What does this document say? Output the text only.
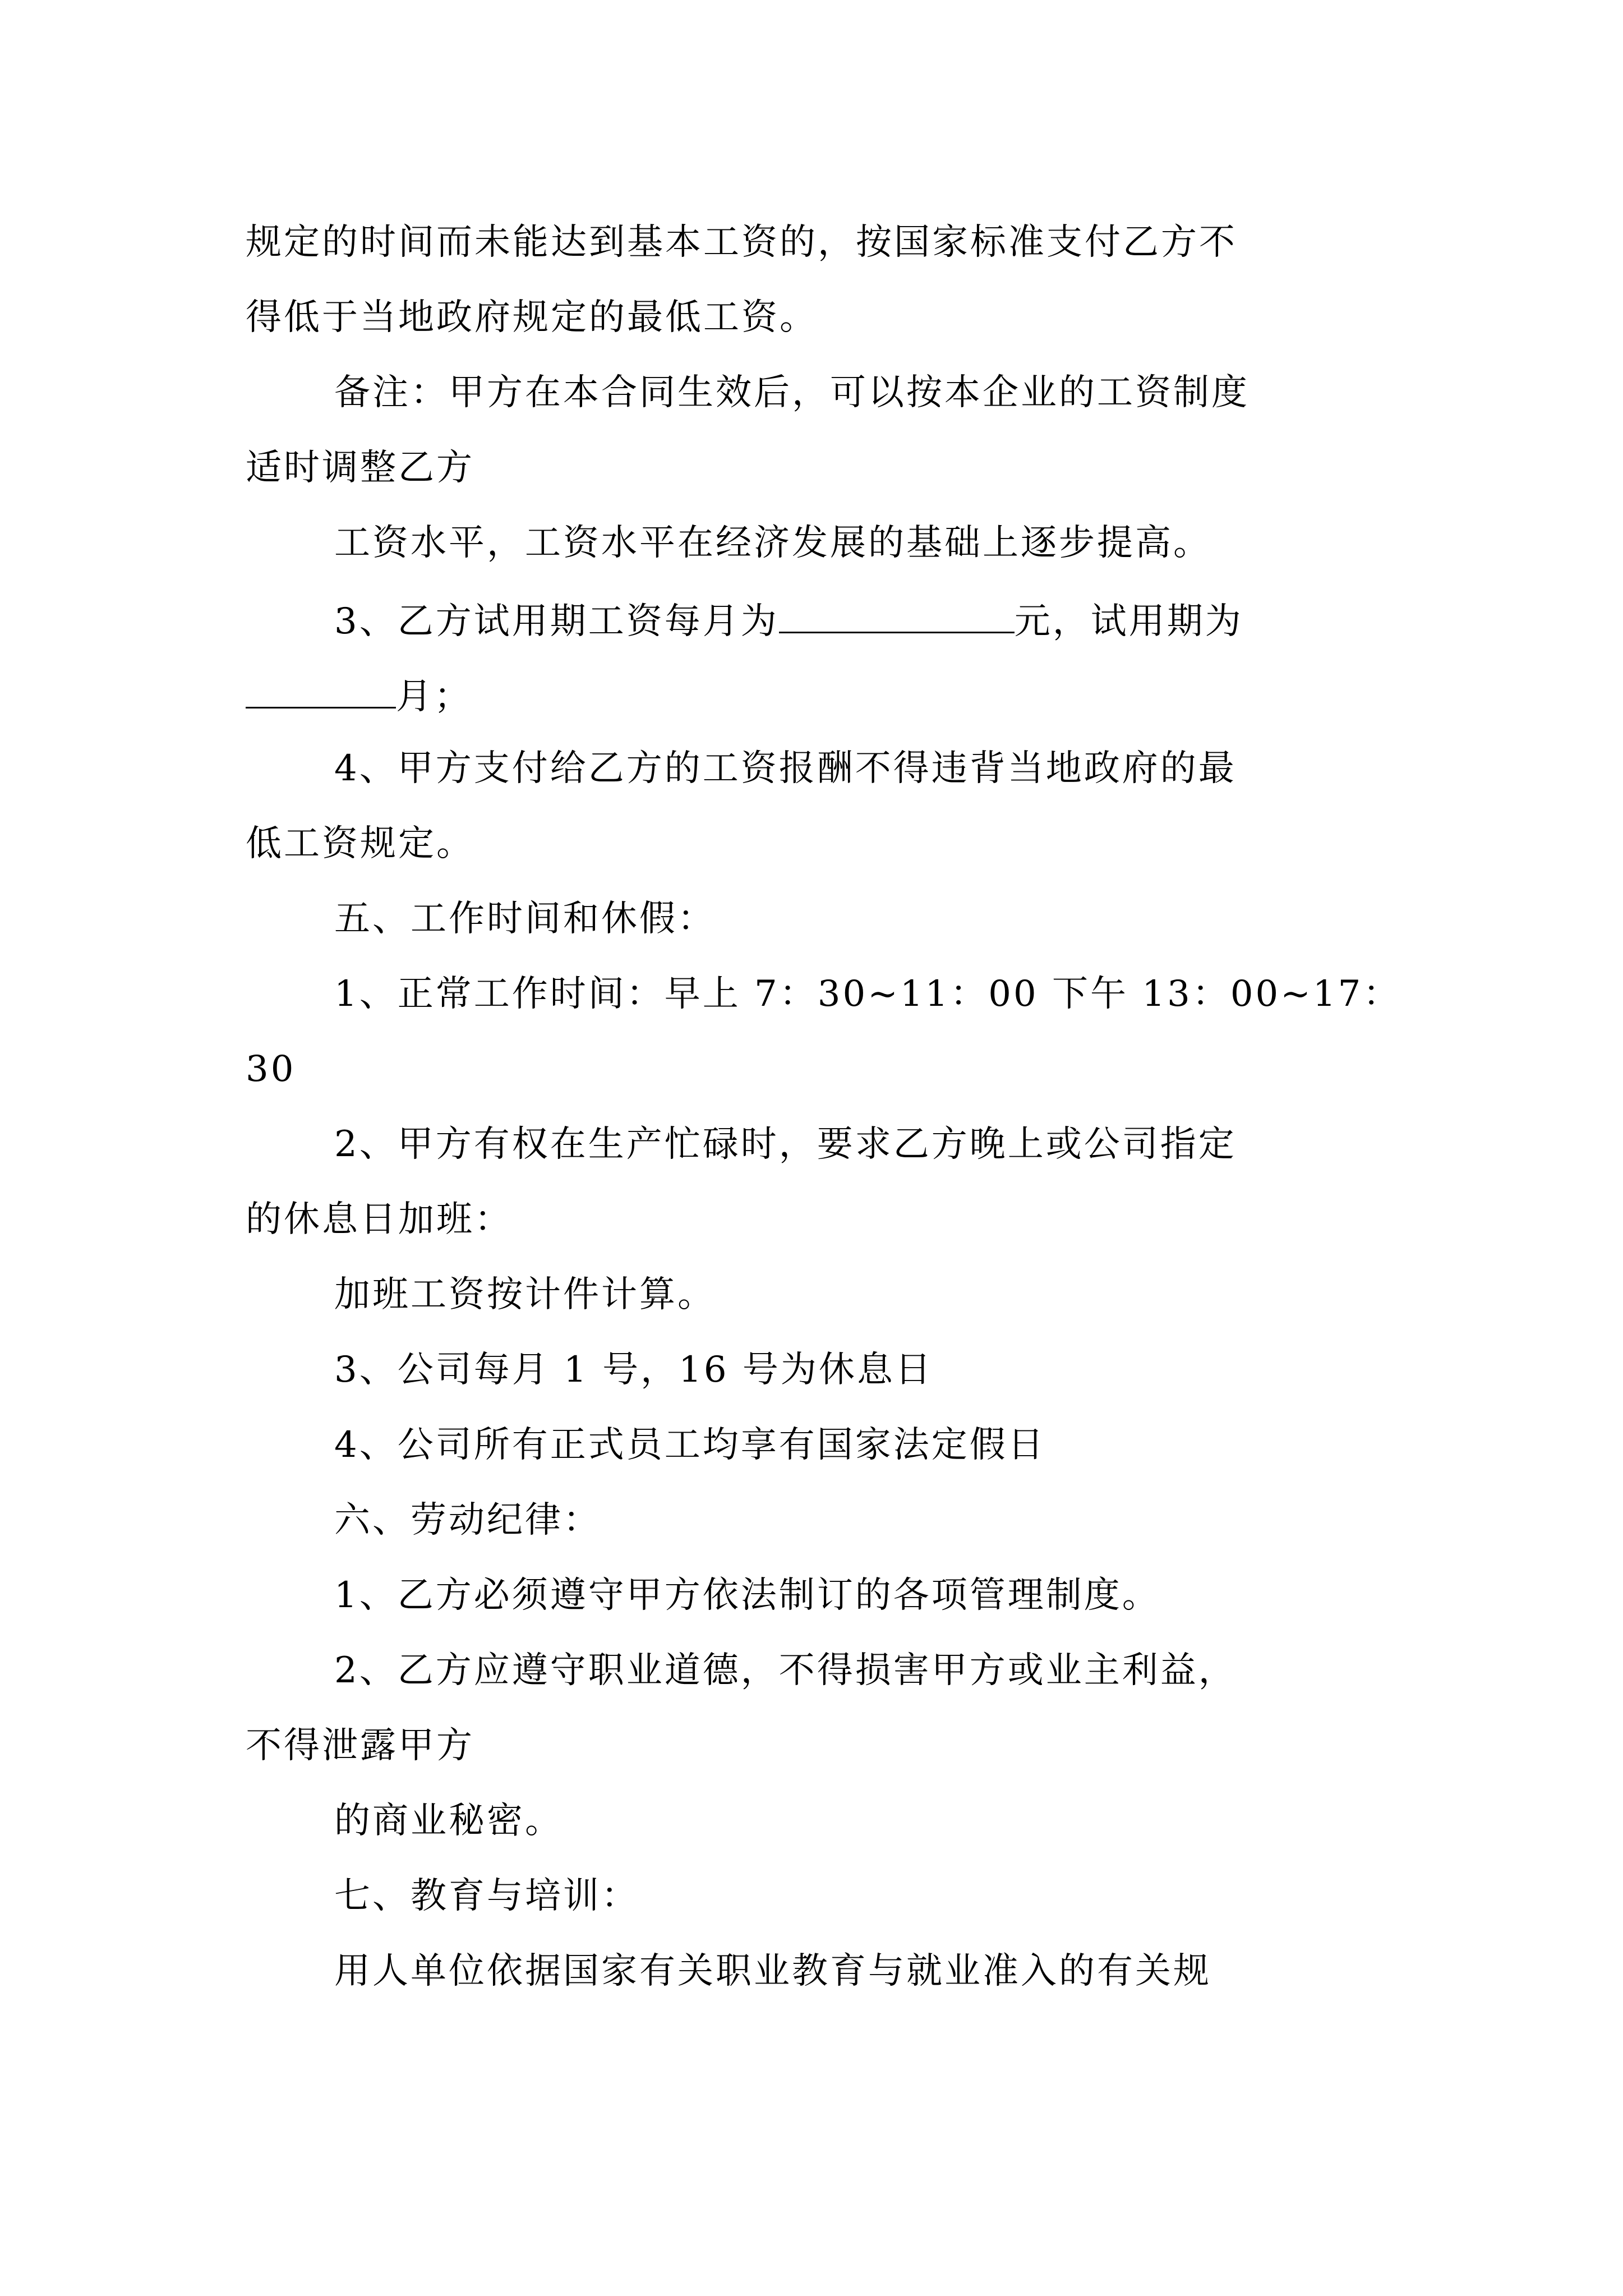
规定的时间而未能达到基本工资的，按国家标准支付乙方不

得低于当地政府规定的最低工资。

备注：甲方在本合同生效后，可以按本企业的工资制度

适时调整乙方

工资水平，工资水平在经济发展的基础上逐步提高。

3、乙方试用期工资每月为	元，试用期为

月；

4、甲方支付给乙方的工资报酬不得违背当地政府的最

低工资规定。

五、工作时间和休假：

1、正常工作时间：早上 7：30~11：00 下午 13：00~17：

30

2、甲方有权在生产忙碌时，要求乙方晚上或公司指定

的休息日加班：

加班工资按计件计算。

3、公司每月 1 号，16 号为休息日

4、公司所有正式员工均享有国家法定假日

六、劳动纪律：

1、乙方必须遵守甲方依法制订的各项管理制度。

2、乙方应遵守职业道德，不得损害甲方或业主利益，

不得泄露甲方

的商业秘密。

七、教育与培训：

用人单位依据国家有关职业教育与就业准入的有关规
